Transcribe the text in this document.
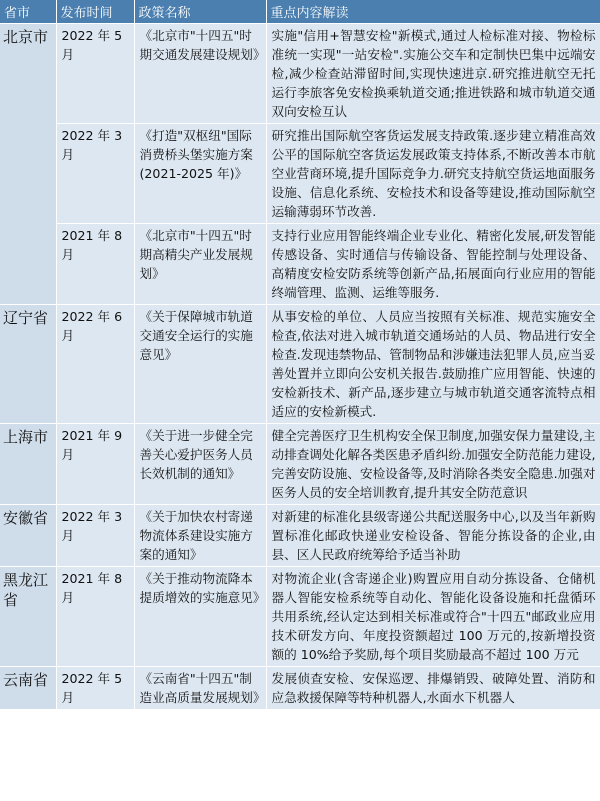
省市	发布时间	政策名称	重点内容解读
北京市	2022 年 5 月	《北京市"十四五"时期交通发展建设规划》	实施"信用+智慧安检"新模式,通过人检标准对接、物检标准统一实现"一站安检".实施公交车和定制快巴集中远端安检,减少检查站滞留时间,实现快速进京.研究推进航空无托运行李旅客免安检换乘轨道交通;推进铁路和城市轨道交通双向安检互认
	2022 年 3 月	《打造"双枢纽"国际消费桥头堡实施方案(2021-2025 年)》	研究推出国际航空客货运发展支持政策.逐步建立精准高效公平的国际航空客货运发展政策支持体系,不断改善本市航空业营商环境,提升国际竞争力.研究支持航空货运地面服务设施、信息化系统、安检技术和设备等建设,推动国际航空运输薄弱环节改善.
	2021 年 8 月	《北京市"十四五"时期高精尖产业发展规划》	支持行业应用智能终端企业专业化、精密化发展,研发智能传感设备、实时通信与传输设备、智能控制与处理设备、高精度安检安防系统等创新产品,拓展面向行业应用的智能终端管理、监测、运维等服务.
辽宁省	2022 年 6 月	《关于保障城市轨道交通安全运行的实施意见》	从事安检的单位、人员应当按照有关标准、规范实施安全检查,依法对进入城市轨道交通场站的人员、物品进行安全检查.发现违禁物品、管制物品和涉嫌违法犯罪人员,应当妥善处置并立即向公安机关报告.鼓励推广应用智能、快速的安检新技术、新产品,逐步建立与城市轨道交通客流特点相适应的安检新模式.
上海市	2021 年 9 月	《关于进一步健全完善关心爱护医务人员长效机制的通知》	健全完善医疗卫生机构安全保卫制度,加强安保力量建设,主动排查调处化解各类医患矛盾纠纷.加强安全防范能力建设,完善安防设施、安检设备等,及时消除各类安全隐患.加强对医务人员的安全培训教育,提升其安全防范意识
安徽省	2022 年 3 月	《关于加快农村寄递物流体系建设实施方案的通知》	对新建的标准化县级寄递公共配送服务中心,以及当年新购置标准化邮政快递业安检设备、智能分拣设备的企业,由县、区人民政府统筹给予适当补助
黑龙江省	2021 年 8 月	《关于推动物流降本提质增效的实施意见》	对物流企业(含寄递企业)购置应用自动分拣设备、仓储机器人智能安检系统等自动化、智能化设备设施和托盘循环共用系统,经认定达到相关标准或符合"十四五"邮政业应用技术研发方向、年度投资额超过 100 万元的,按新增投资额的 10%给予奖励,每个项目奖励最高不超过 100 万元
云南省	2022 年 5 月	《云南省"十四五"制造业高质量发展规划》	发展侦查安检、安保巡逻、排爆销毁、破障处置、消防和应急救援保障等特种机器人,水面水下机器人
